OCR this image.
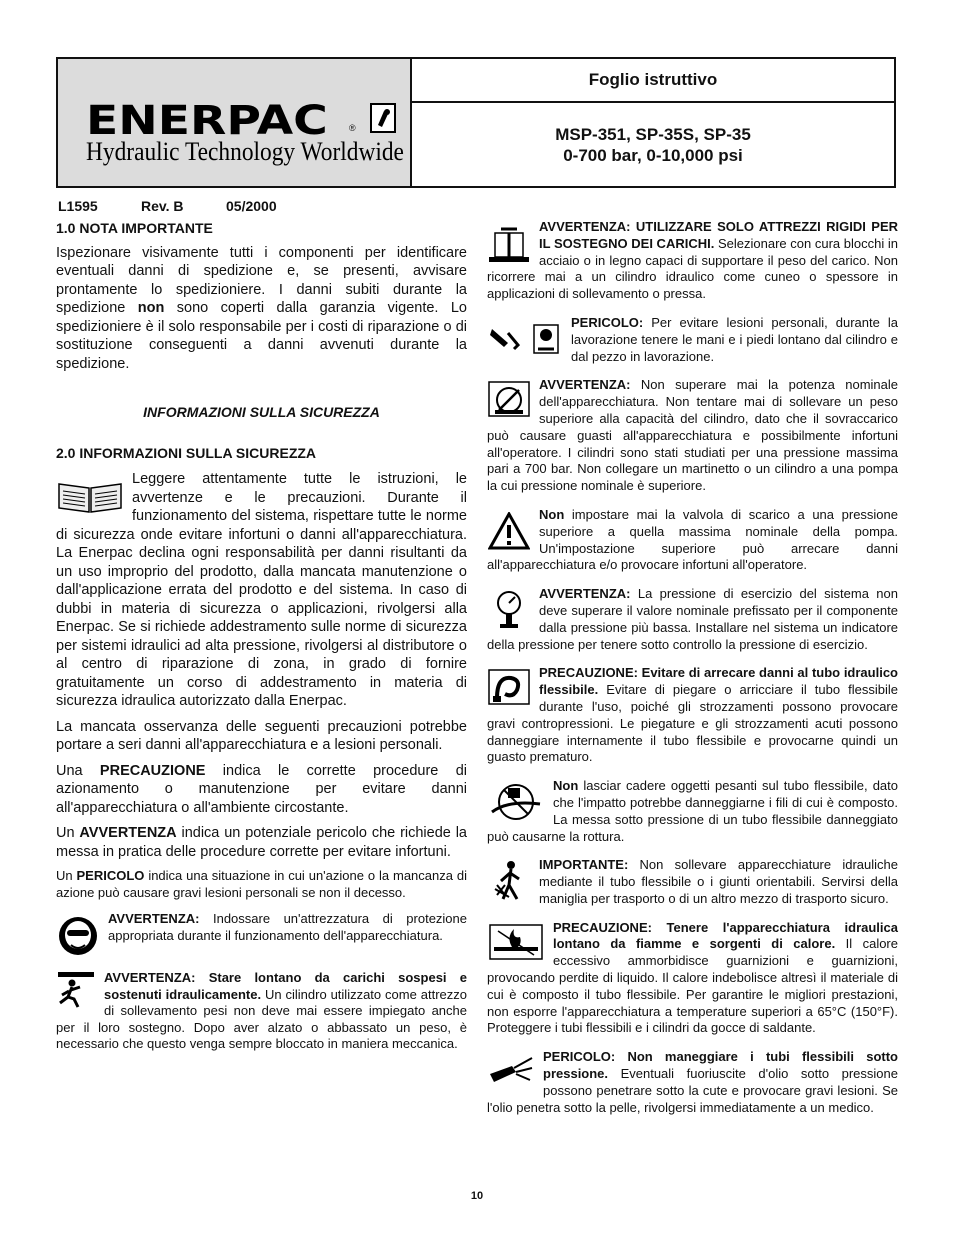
ENERPAC ®
Hydraulic Technology Worldwide
Foglio istruttivo
MSP-351, SP-35S, SP-35
0-700 bar, 0-10,000 psi
L1595	Rev. B	05/2000
1.0 NOTA IMPORTANTE

Ispezionare visivamente tutti i componenti per identificare eventuali danni di spedizione e, se presenti, avvisare prontamente lo spedizioniere. I danni subiti durante la spedizione non sono coperti dalla garanzia vigente. Lo spedizioniere è il solo responsabile per i costi di riparazione o di sostituzione conseguenti a danni avvenuti durante la spedizione.

INFORMAZIONI SULLA SICUREZZA
2.0 INFORMAZIONI SULLA SICUREZZA

Leggere attentamente tutte le istruzioni, le avvertenze e le precauzioni. Durante il funzionamento del sistema, rispettare tutte le norme di sicurezza onde evitare infortuni o danni all'apparecchiatura. La Enerpac declina ogni responsabilità per danni risultanti da un uso improprio del prodotto, dalla mancata manutenzione o dall'applicazione errata del prodotto e del sistema. In caso di dubbi in materia di sicurezza o applicazioni, rivolgersi alla Enerpac. Se si richiede addestramento sulle norme di sicurezza per sistemi idraulici ad alta pressione, rivolgersi al distributore o al centro di riparazione di zona, in grado di fornire gratuitamente un corso di addestramento in materia di sicurezza idraulica autorizzato dalla Enerpac.

La mancata osservanza delle seguenti precauzioni potrebbe portare a seri danni all'apparecchiatura e a lesioni personali.

Una PRECAUZIONE indica le corrette procedure di azionamento o manutenzione per evitare danni all'apparecchiatura o all'ambiente circostante.

Un AVVERTENZA indica un potenziale pericolo che richiede la messa in pratica delle procedure corrette per evitare infortuni.

Un PERICOLO indica una situazione in cui un'azione o la mancanza di azione può causare gravi lesioni personali se non il decesso.

AVVERTENZA: Indossare un'attrezzatura di protezione appropriata durante il funzionamento dell'apparecchiatura.

AVVERTENZA: Stare lontano da carichi sospesi e sostenuti idraulicamente. Un cilindro utilizzato come attrezzo di sollevamento pesi non deve mai essere impiegato anche per il loro sostegno. Dopo aver alzato o abbassato un peso, è necessario che questo venga sempre bloccato in maniera meccanica.

AVVERTENZA: UTILIZZARE SOLO ATTREZZI RIGIDI PER IL SOSTEGNO DEI CARICHI. Selezionare con cura blocchi in acciaio o in legno capaci di supportare il peso del carico. Non ricorrere mai a un cilindro idraulico come cuneo o spessore in applicazioni di sollevamento o pressa.
PERICOLO: Per evitare lesioni personali, durante la lavorazione tenere le mani e i piedi lontano dal cilindro e dal pezzo in lavorazione.
AVVERTENZA: Non superare mai la potenza nominale dell'apparecchiatura. Non tentare mai di sollevare un peso superiore alla capacità del cilindro, dato che il sovraccarico può causare guasti all'apparecchiatura e possibilmente infortuni all'operatore. I cilindri sono stati studiati per una pressione massima pari a 700 bar. Non collegare un martinetto o un cilindro a una pompa la cui pressione nominale è superiore.
Non impostare mai la valvola di scarico a una pressione superiore a quella massima nominale della pompa. Un'impostazione superiore può arrecare danni all'apparecchiatura e/o provocare infortuni all'operatore.
AVVERTENZA: La pressione di esercizio del sistema non deve superare il valore nominale prefissato per il componente dalla pressione più bassa. Installare nel sistema un indicatore della pressione per tenere sotto controllo la pressione di esercizio.
PRECAUZIONE: Evitare di arrecare danni al tubo idraulico flessibile. Evitare di piegare o arricciare il tubo flessibile durante l'uso, poiché gli strozzamenti possono provocare gravi contropressioni. Le piegature e gli strozzamenti acuti possono danneggiare internamente il tubo flessibile e provocarne quindi un guasto prematuro.
Non lasciar cadere oggetti pesanti sul tubo flessibile, dato che l'impatto potrebbe danneggiarne i fili di cui è composto. La messa sotto pressione di un tubo flessibile danneggiato può causarne la rottura.
IMPORTANTE: Non sollevare apparecchiature idrauliche mediante il tubo flessibile o i giunti orientabili. Servirsi della maniglia per trasporto o di un altro mezzo di trasporto sicuro.
PRECAUZIONE: Tenere l'apparecchiatura idraulica lontano da fiamme e sorgenti di calore. Il calore eccessivo ammorbidisce guarnizioni e guarnizioni, provocando perdite di liquido. Il calore indebolisce altresì il materiale di cui è composto il tubo flessibile. Per garantire le migliori prestazioni, non esporre l'apparecchiatura a temperature superiori a 65°C (150°F). Proteggere i tubi flessibili e i cilindri da gocce di saldante.
PERICOLO: Non maneggiare i tubi flessibili sotto pressione. Eventuali fuoriuscite d'olio sotto pressione possono penetrare sotto la cute e provocare gravi lesioni. Se l'olio penetra sotto la pelle, rivolgersi immediatamente a un medico.
10
